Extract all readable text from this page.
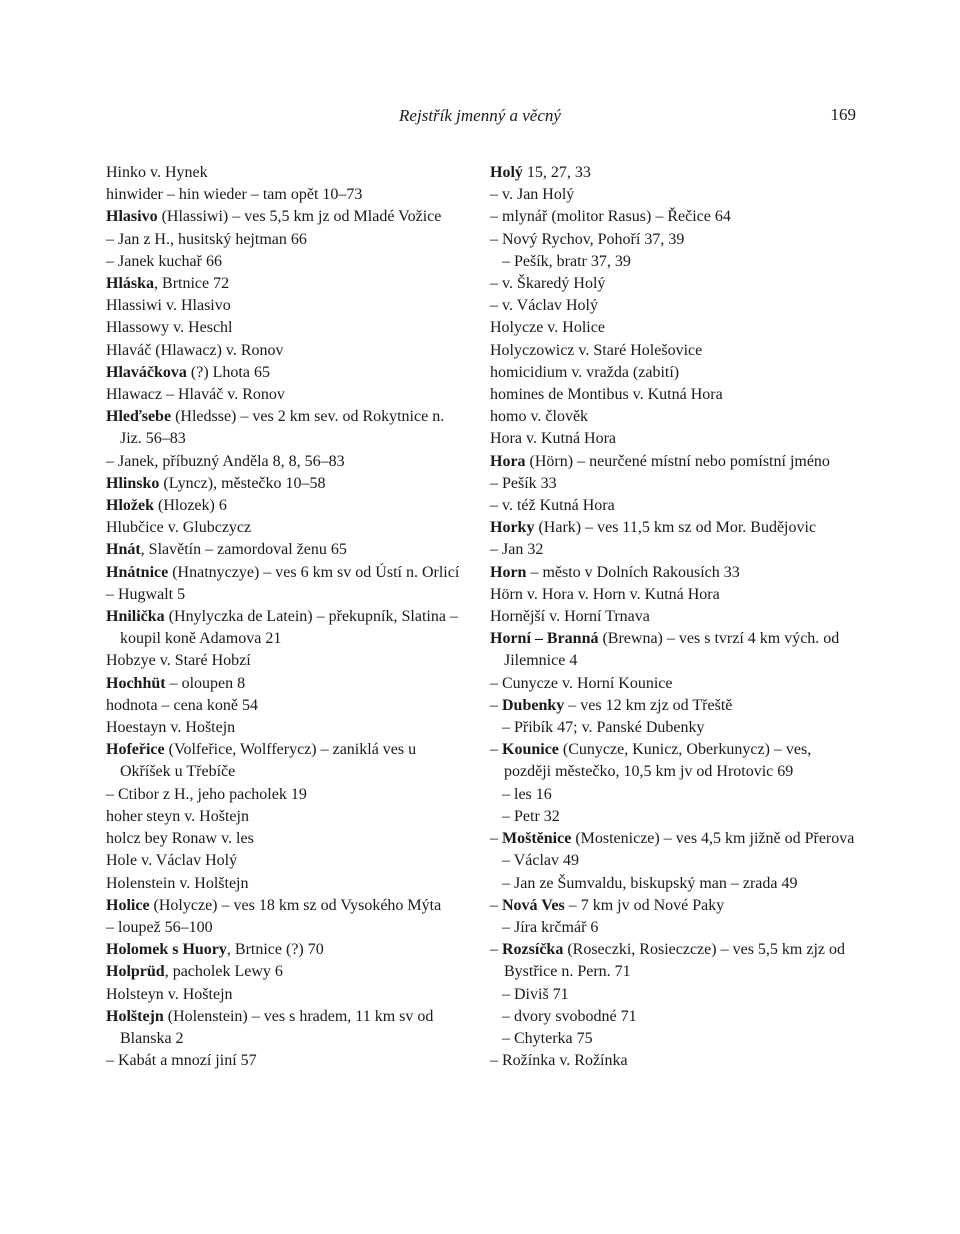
Rejstřík jmenný a věcný	169
Hinko v. Hynek
hinwider – hin wieder – tam opět 10–73
Hlasivo (Hlassiwi) – ves 5,5 km jz od Mladé Vožice
– Jan z H., husitský hejtman 66
– Janek kuchař 66
Hláska, Brtnice 72
Hlassiwi v. Hlasivo
Hlassowy v. Heschl
Hlaváč (Hlawacz) v. Ronov
Hlaváčkova (?) Lhota 65
Hlawacz – Hlaváč v. Ronov
Hleďsebe (Hledsse) – ves 2 km sev. od Rokytnice n. Jiz. 56–83
– Janek, příbuzný Anděla 8, 8, 56–83
Hlinsko (Lyncz), městečko 10–58
Hložek (Hlozek) 6
Hlubčice v. Glubczycz
Hnát, Slavětín – zamordoval ženu 65
Hnátnice (Hnatnyczye) – ves 6 km sv od Ústí n. Orlicí
– Hugwalt 5
Hnilička (Hnylyczka de Latein) – překupník, Slatina – koupil koně Adamova 21
Hobzye v. Staré Hobzí
Hochhüt – oloupen 8
hodnota – cena koně 54
Hoestayn v. Hoštejn
Hofeřice (Volfeřice, Wolfferycz) – zaniklá ves u Okříšek u Třebíče
– Ctibor z H., jeho pacholek 19
hoher steyn v. Hoštejn
holcz bey Ronaw v. les
Hole v. Václav Holý
Holenstein v. Holštejn
Holice (Holycze) – ves 18 km sz od Vysokého Mýta
– loupež 56–100
Holomek s Huory, Brtnice (?) 70
Holprüd, pacholek Lewy 6
Holsteyn v. Hoštejn
Holštejn (Holenstein) – ves s hradem, 11 km sv od Blanska 2
– Kabát a mnozí jiní 57
Holý 15, 27, 33
– v. Jan Holý
– mlynář (molitor Rasus) – Řečice 64
– Nový Rychov, Pohoří 37, 39
– Pešík, bratr 37, 39
– v. Škaredý Holý
– v. Václav Holý
Holycze v. Holice
Holyczowicz v. Staré Holešovice
homicidium v. vražda (zabití)
homines de Montibus v. Kutná Hora
homo v. člověk
Hora v. Kutná Hora
Hora (Hörn) – neurčené místní nebo pomístní jméno
– Pešík 33
– v. též Kutná Hora
Horky (Hark) – ves 11,5 km sz od Mor. Budějovic
– Jan 32
Horn – město v Dolních Rakousích 33
Hörn v. Hora v. Horn v. Kutná Hora
Hornější v. Horní Trnava
Horní – Branná (Brewna) – ves s tvrzí 4 km vých. od Jilemnice 4
– Cunycze v. Horní Kounice
– Dubenky – ves 12 km zjz od Třeště
– Přibík 47; v. Panské Dubenky
– Kounice (Cunycze, Kunicz, Oberkunycz) – ves, později městečko, 10,5 km jv od Hrotovic 69
– les 16
– Petr 32
– Moštěnice (Mostenicze) – ves 4,5 km jižně od Přerova
– Václav 49
– Jan ze Šumvaldu, biskupský man – zrada 49
– Nová Ves – 7 km jv od Nové Paky
– Jíra krčmář 6
– Rozsíčka (Roseczki, Rosieczcze) – ves 5,5 km zjz od Bystřice n. Pern. 71
– Diviš 71
– dvory svobodné 71
– Chyterka 75
– Rožínka v. Rožínka
